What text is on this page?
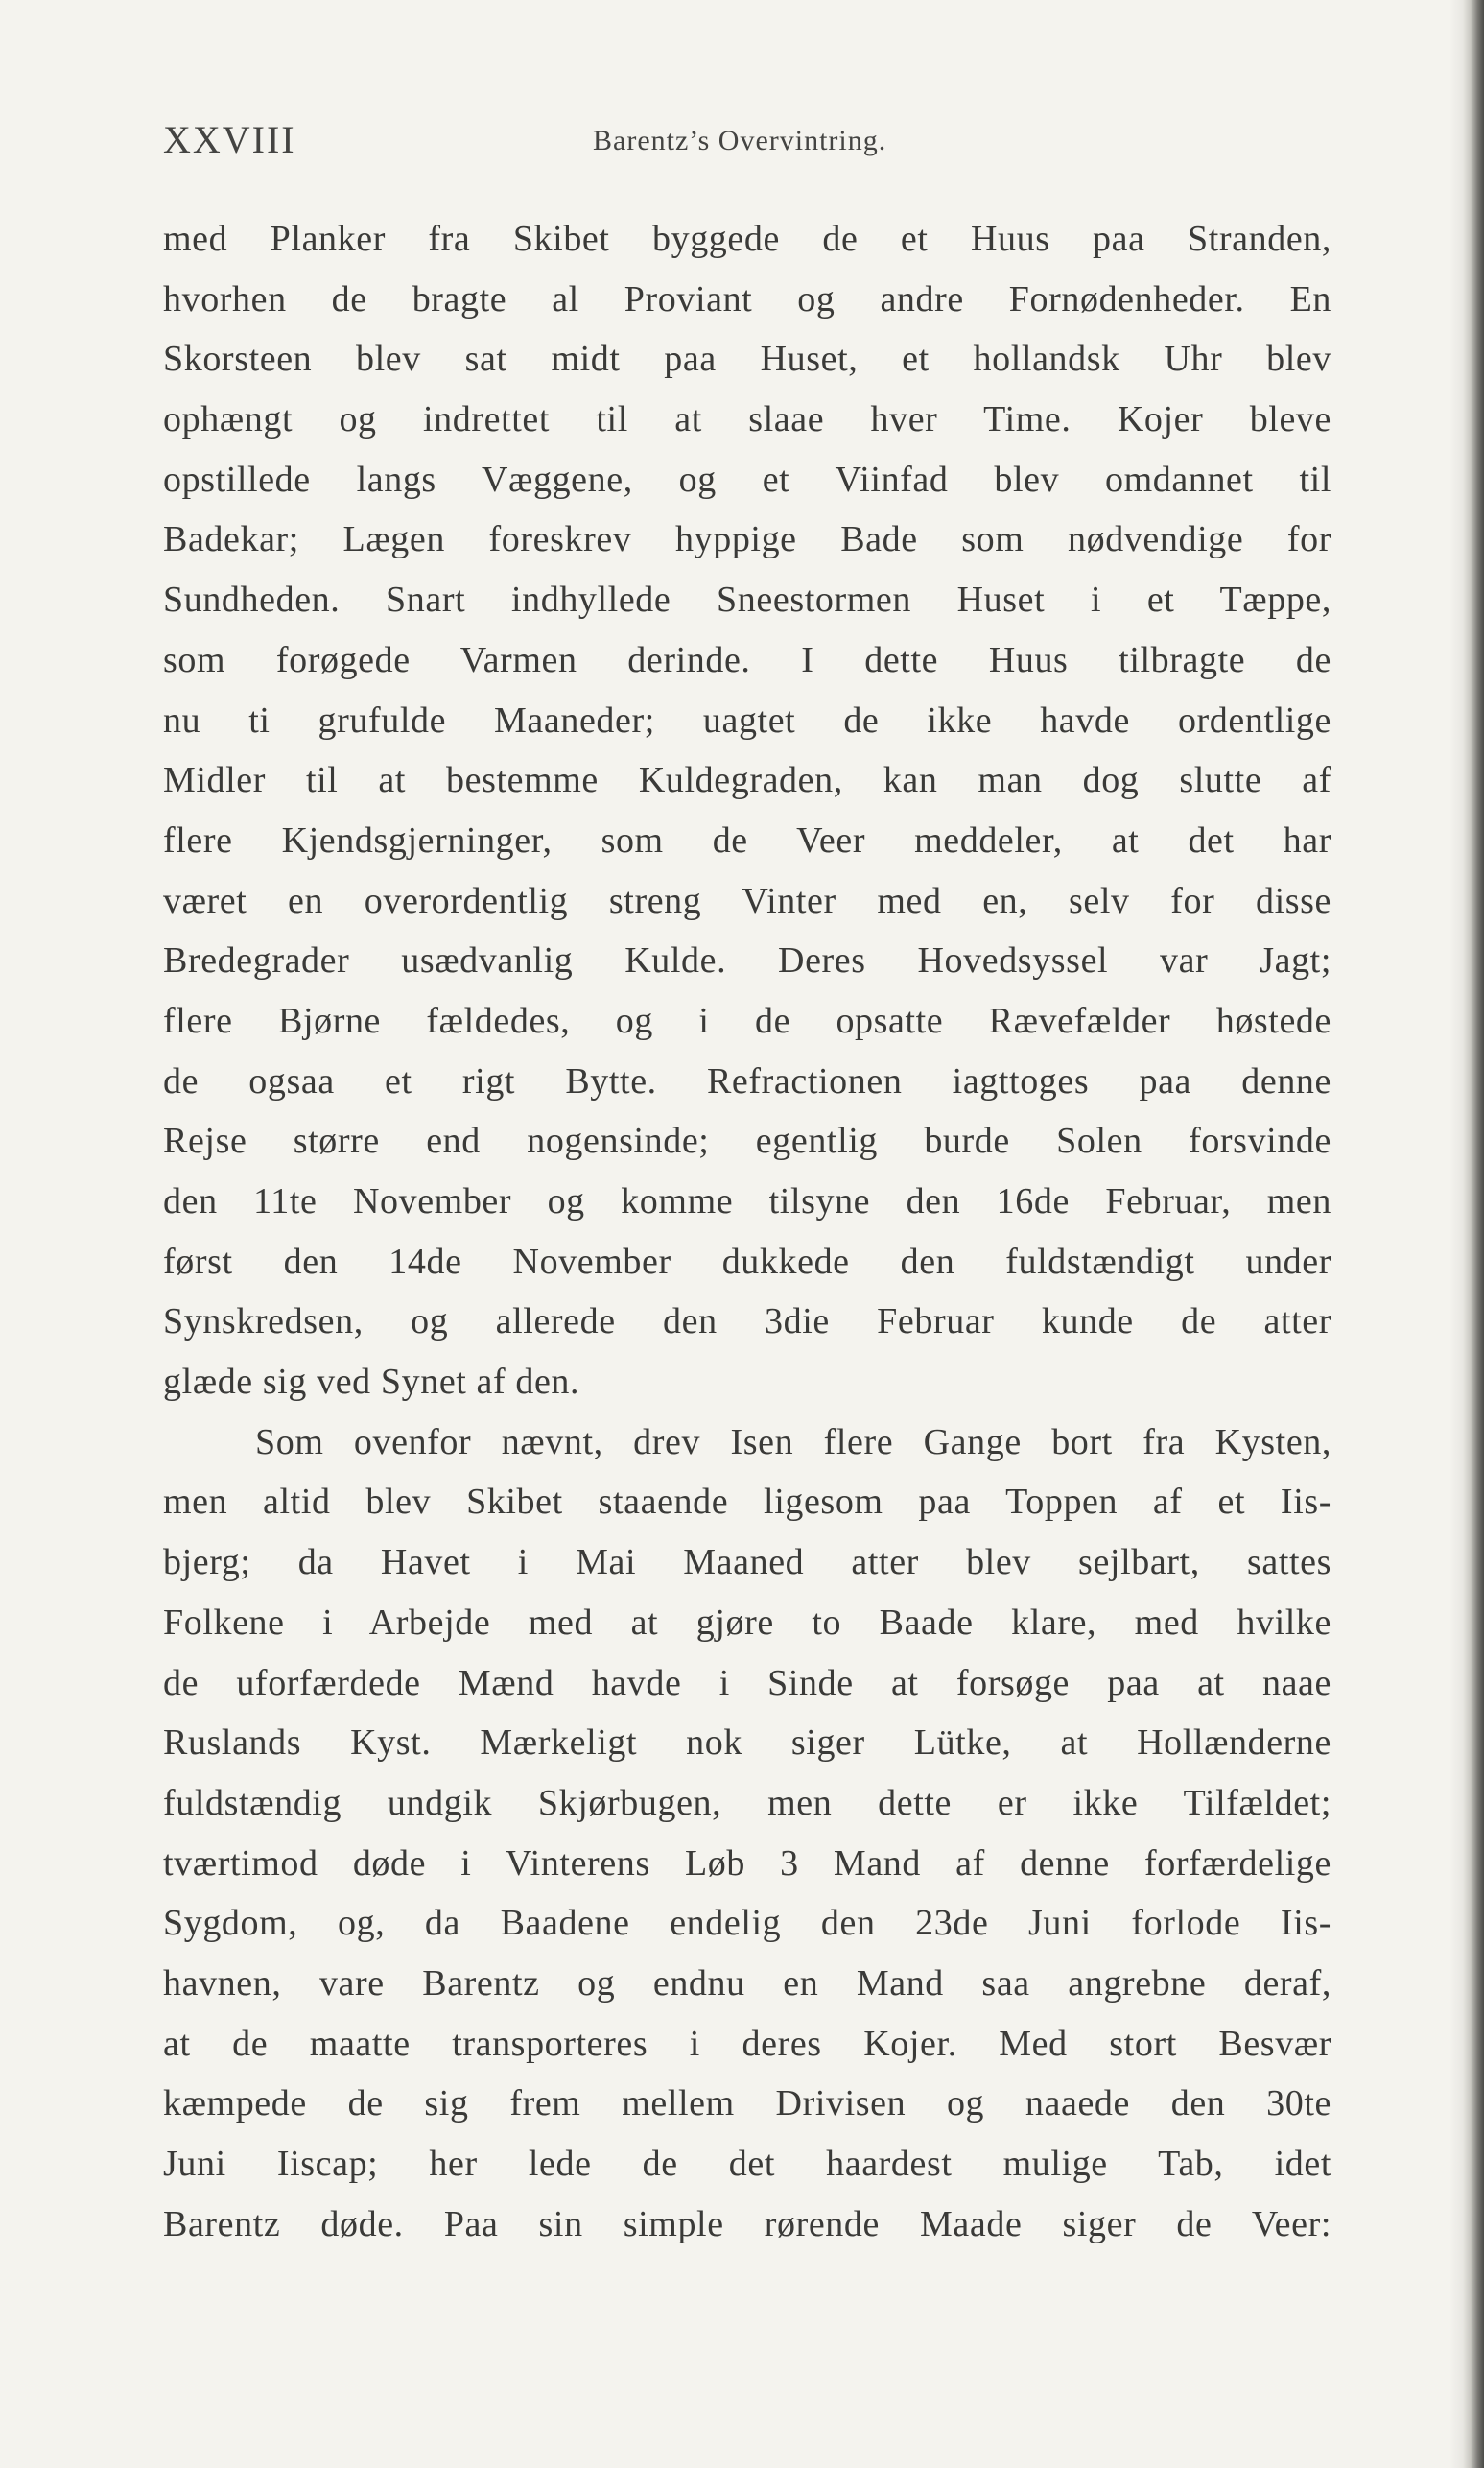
XXVIII	Barentz’s Overvintring.
med Planker fra Skibet byggede de et Huus paa Stranden,
hvorhen de bragte al Proviant og andre Fornødenheder. En
Skorsteen blev sat midt paa Huset, et hollandsk Uhr blev
ophængt og indrettet til at slaae hver Time. Kojer bleve
opstillede langs Væggene, og et Viinfad blev omdannet til
Badekar; Lægen foreskrev hyppige Bade som nødvendige for
Sundheden. Snart indhyllede Sneestormen Huset i et Tæppe,
som forøgede Varmen derinde. I dette Huus tilbragte de
nu ti grufulde Maaneder; uagtet de ikke havde ordentlige
Midler til at bestemme Kuldegraden, kan man dog slutte af
flere Kjendsgjerninger, som de Veer meddeler, at det har
været en overordentlig streng Vinter med en, selv for disse
Bredegrader usædvanlig Kulde. Deres Hovedsyssel var Jagt;
flere Bjørne fældedes, og i de opsatte Rævefælder høstede
de ogsaa et rigt Bytte. Refractionen iagttoges paa denne
Rejse større end nogensinde; egentlig burde Solen forsvinde
den 11te November og komme tilsyne den 16de Februar, men
først den 14de November dukkede den fuldstændigt under
Synskredsen, og allerede den 3die Februar kunde de atter
glæde sig ved Synet af den.
Som ovenfor nævnt, drev Isen flere Gange bort fra Kysten,
men altid blev Skibet staaende ligesom paa Toppen af et Iis-
bjerg; da Havet i Mai Maaned atter blev sejlbart, sattes
Folkene i Arbejde med at gjøre to Baade klare, med hvilke
de uforfærdede Mænd havde i Sinde at forsøge paa at naae
Ruslands Kyst. Mærkeligt nok siger Lütke, at Hollænderne
fuldstændig undgik Skjørbugen, men dette er ikke Tilfældet;
tværtimod døde i Vinterens Løb 3 Mand af denne forfærdelige
Sygdom, og, da Baadene endelig den 23de Juni forlode Iis-
havnen, vare Barentz og endnu en Mand saa angrebne deraf,
at de maatte transporteres i deres Kojer. Med stort Besvær
kæmpede de sig frem mellem Drivisen og naaede den 30te
Juni Iiscap; her lede de det haardest mulige Tab, idet
Barentz døde. Paa sin simple rørende Maade siger de Veer:
